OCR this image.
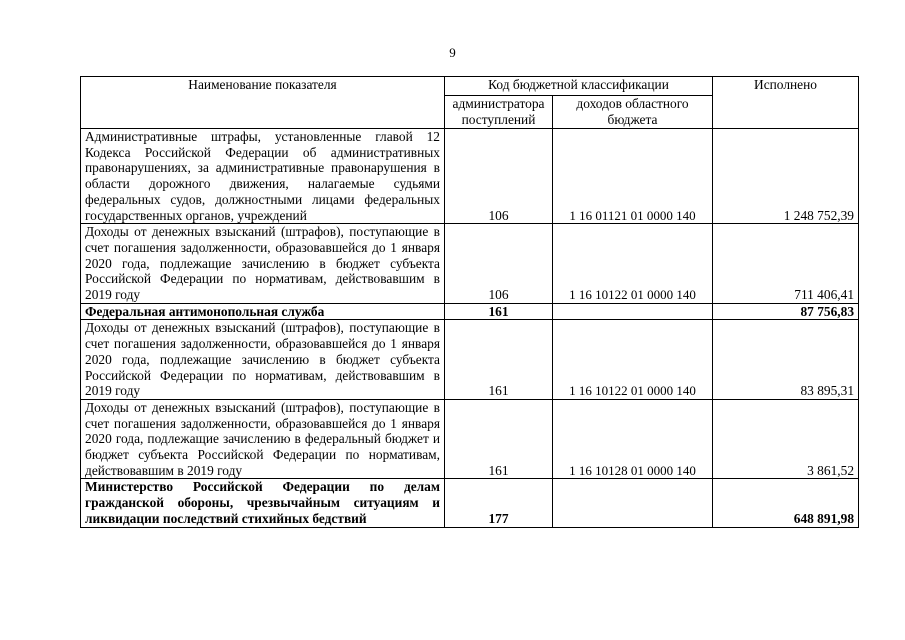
9
Наименование показателя	Код бюджетной классификации		Исполнено
	администратора поступлений	доходов областного бюджета	
Административные штрафы, установленные главой 12 Кодекса Российской Федерации об административных правонарушениях, за административные правонарушения в области дорожного движения, налагаемые судьями федеральных судов, должностными лицами федеральных государственных органов, учреждений	106	1 16 01121 01 0000 140	1 248 752,39
Доходы от денежных взысканий (штрафов), поступающие в счет погашения задолженности, образовавшейся до 1 января 2020 года, подлежащие зачислению в бюджет субъекта Российской Федерации по нормативам, действовавшим в 2019 году	106	1 16 10122 01 0000 140	711 406,41
Федеральная антимонопольная служба	161		87 756,83
Доходы от денежных взысканий (штрафов), поступающие в счет погашения задолженности, образовавшейся до 1 января 2020 года, подлежащие зачислению в бюджет субъекта Российской Федерации по нормативам, действовавшим в 2019 году	161	1 16 10122 01 0000 140	83 895,31
Доходы от денежных взысканий (штрафов), поступающие в счет погашения задолженности, образовавшейся до 1 января 2020 года, подлежащие зачислению в федеральный бюджет и бюджет субъекта Российской Федерации по нормативам, действовавшим в 2019 году	161	1 16 10128 01 0000 140	3 861,52
Министерство Российской Федерации по делам гражданской обороны, чрезвычайным ситуациям и ликвидации последствий стихийных бедствий	177		648 891,98
